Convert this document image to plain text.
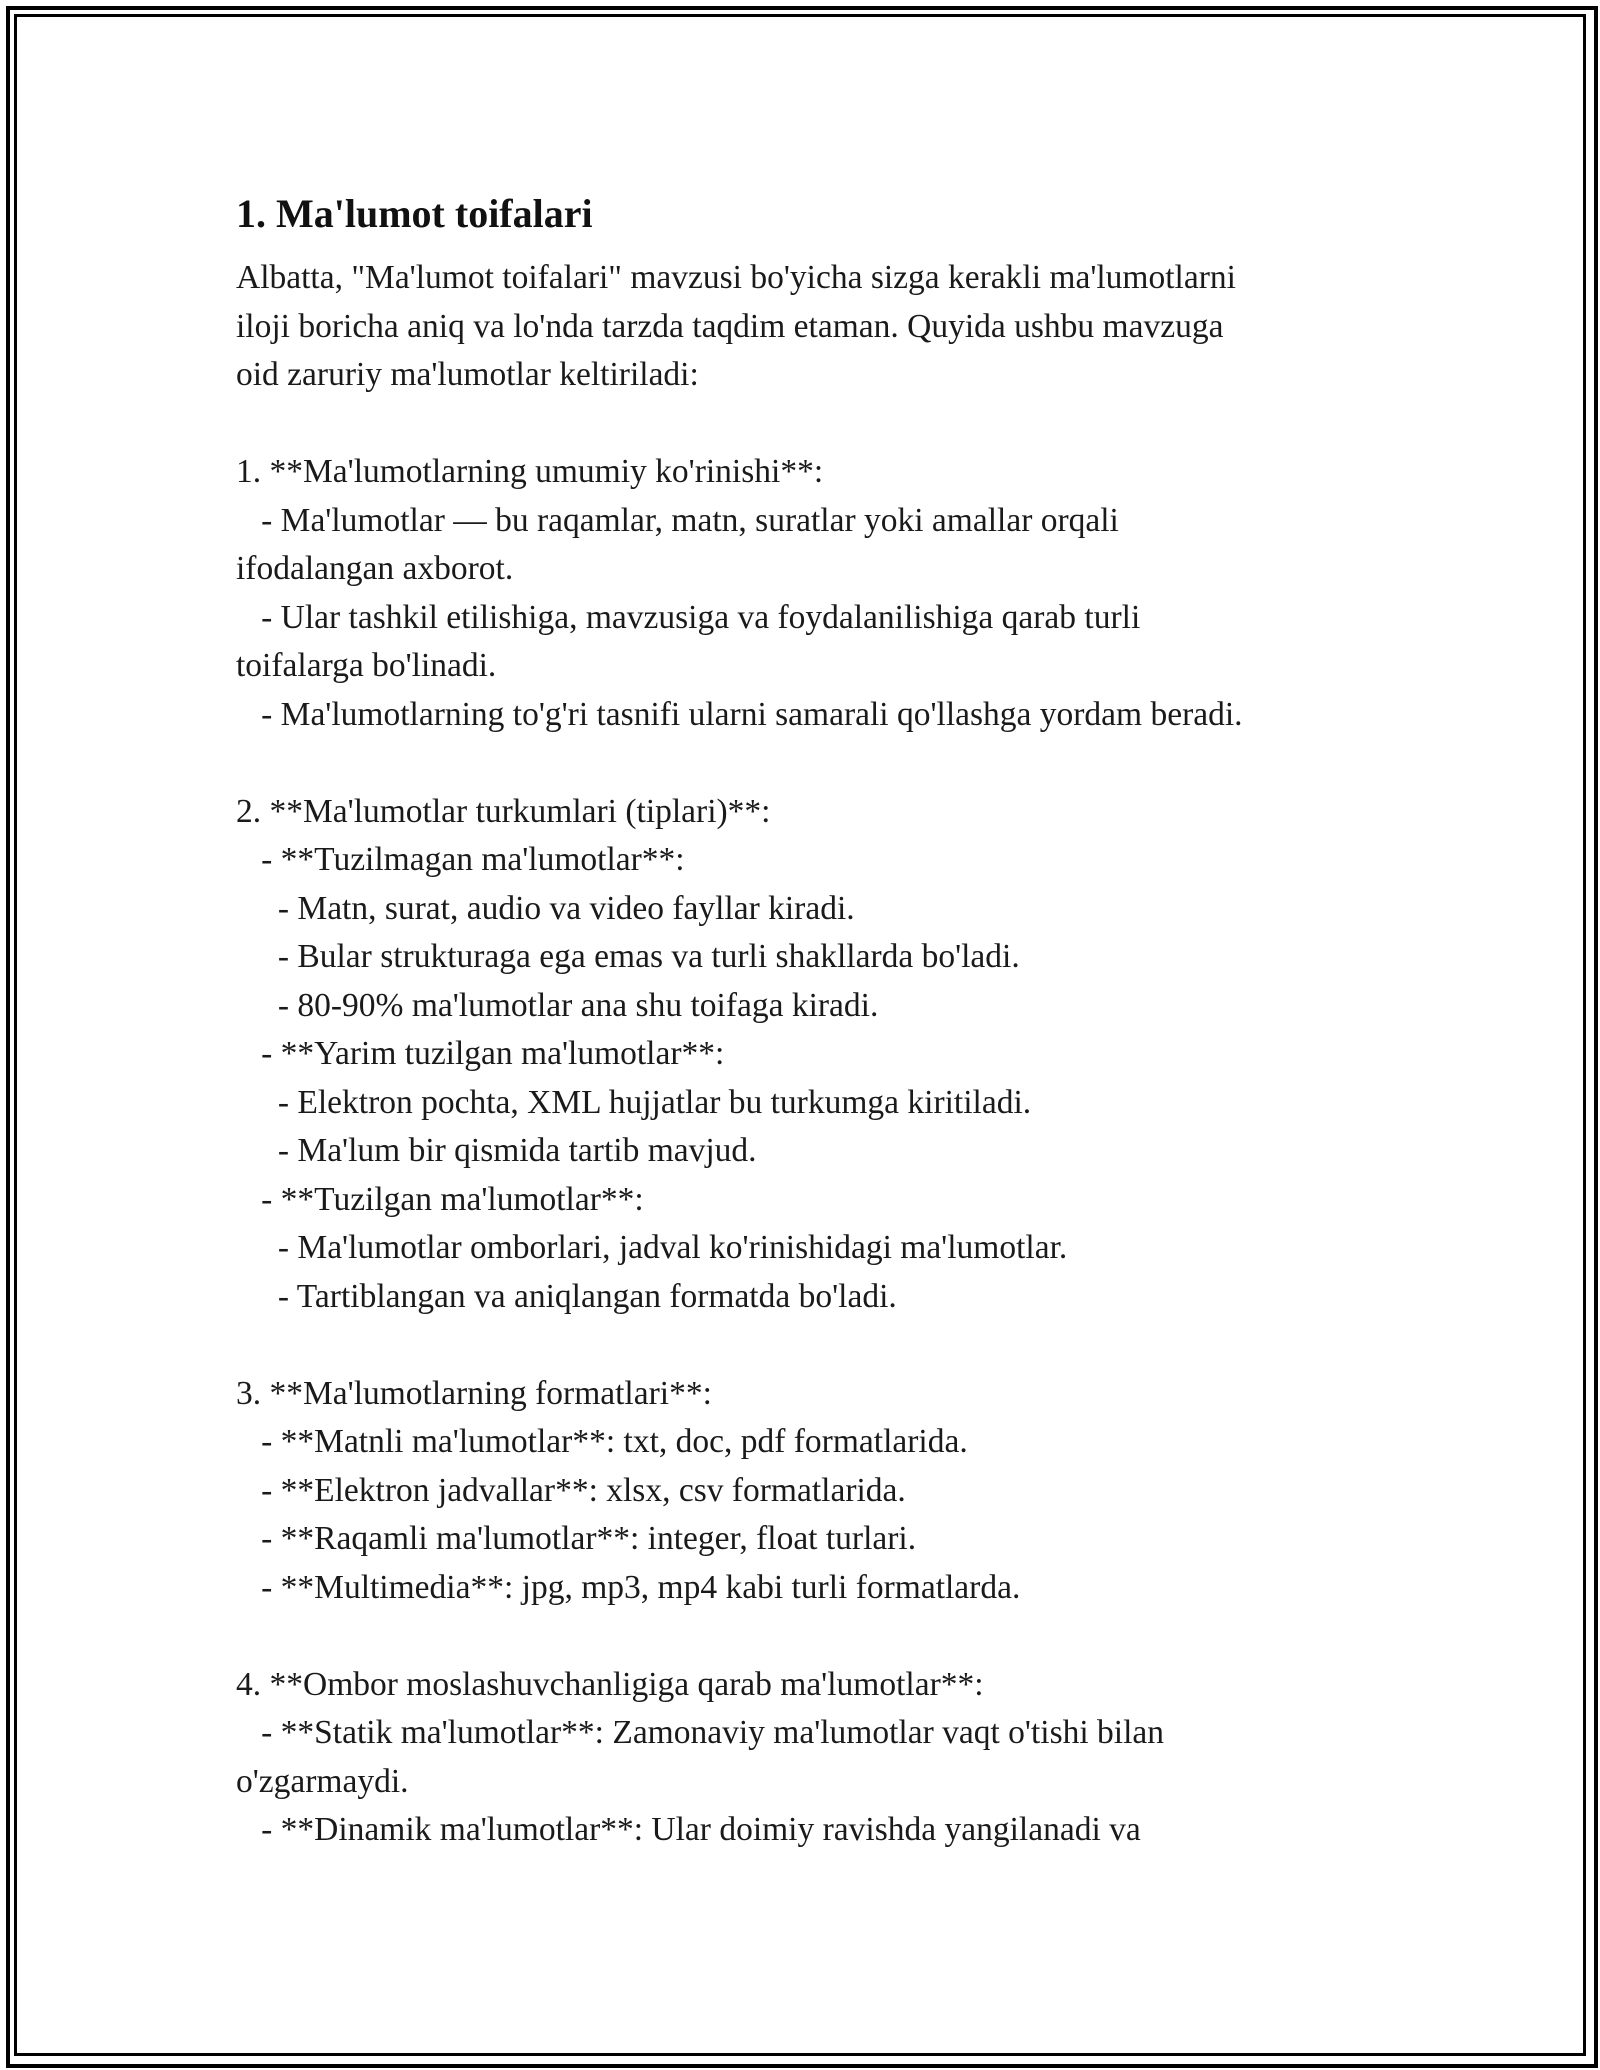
1. Ma'lumot toifalari
Albatta, "Ma'lumot toifalari" mavzusi bo'yicha sizga kerakli ma'lumotlarni
iloji boricha aniq va lo'nda tarzda taqdim etaman. Quyida ushbu mavzuga
oid zaruriy ma'lumotlar keltiriladi:
1. **Ma'lumotlarning umumiy ko'rinishi**:
- Ma'lumotlar — bu raqamlar, matn, suratlar yoki amallar orqali
ifodalangan axborot.
- Ular tashkil etilishiga, mavzusiga va foydalanilishiga qarab turli
toifalarga bo'linadi.
- Ma'lumotlarning to'g'ri tasnifi ularni samarali qo'llashga yordam beradi.
2. **Ma'lumotlar turkumlari (tiplari)**:
- **Tuzilmagan ma'lumotlar**:
- Matn, surat, audio va video fayllar kiradi.
- Bular strukturaga ega emas va turli shakllarda bo'ladi.
- 80-90% ma'lumotlar ana shu toifaga kiradi.
- **Yarim tuzilgan ma'lumotlar**:
- Elektron pochta, XML hujjatlar bu turkumga kiritiladi.
- Ma'lum bir qismida tartib mavjud.
- **Tuzilgan ma'lumotlar**:
- Ma'lumotlar omborlari, jadval ko'rinishidagi ma'lumotlar.
- Tartiblangan va aniqlangan formatda bo'ladi.
3. **Ma'lumotlarning formatlari**:
- **Matnli ma'lumotlar**: txt, doc, pdf formatlarida.
- **Elektron jadvallar**: xlsx, csv formatlarida.
- **Raqamli ma'lumotlar**: integer, float turlari.
- **Multimedia**: jpg, mp3, mp4 kabi turli formatlarda.
4. **Ombor moslashuvchanligiga qarab ma'lumotlar**:
- **Statik ma'lumotlar**: Zamonaviy ma'lumotlar vaqt o'tishi bilan
o'zgarmaydi.
- **Dinamik ma'lumotlar**: Ular doimiy ravishda yangilanadi va
